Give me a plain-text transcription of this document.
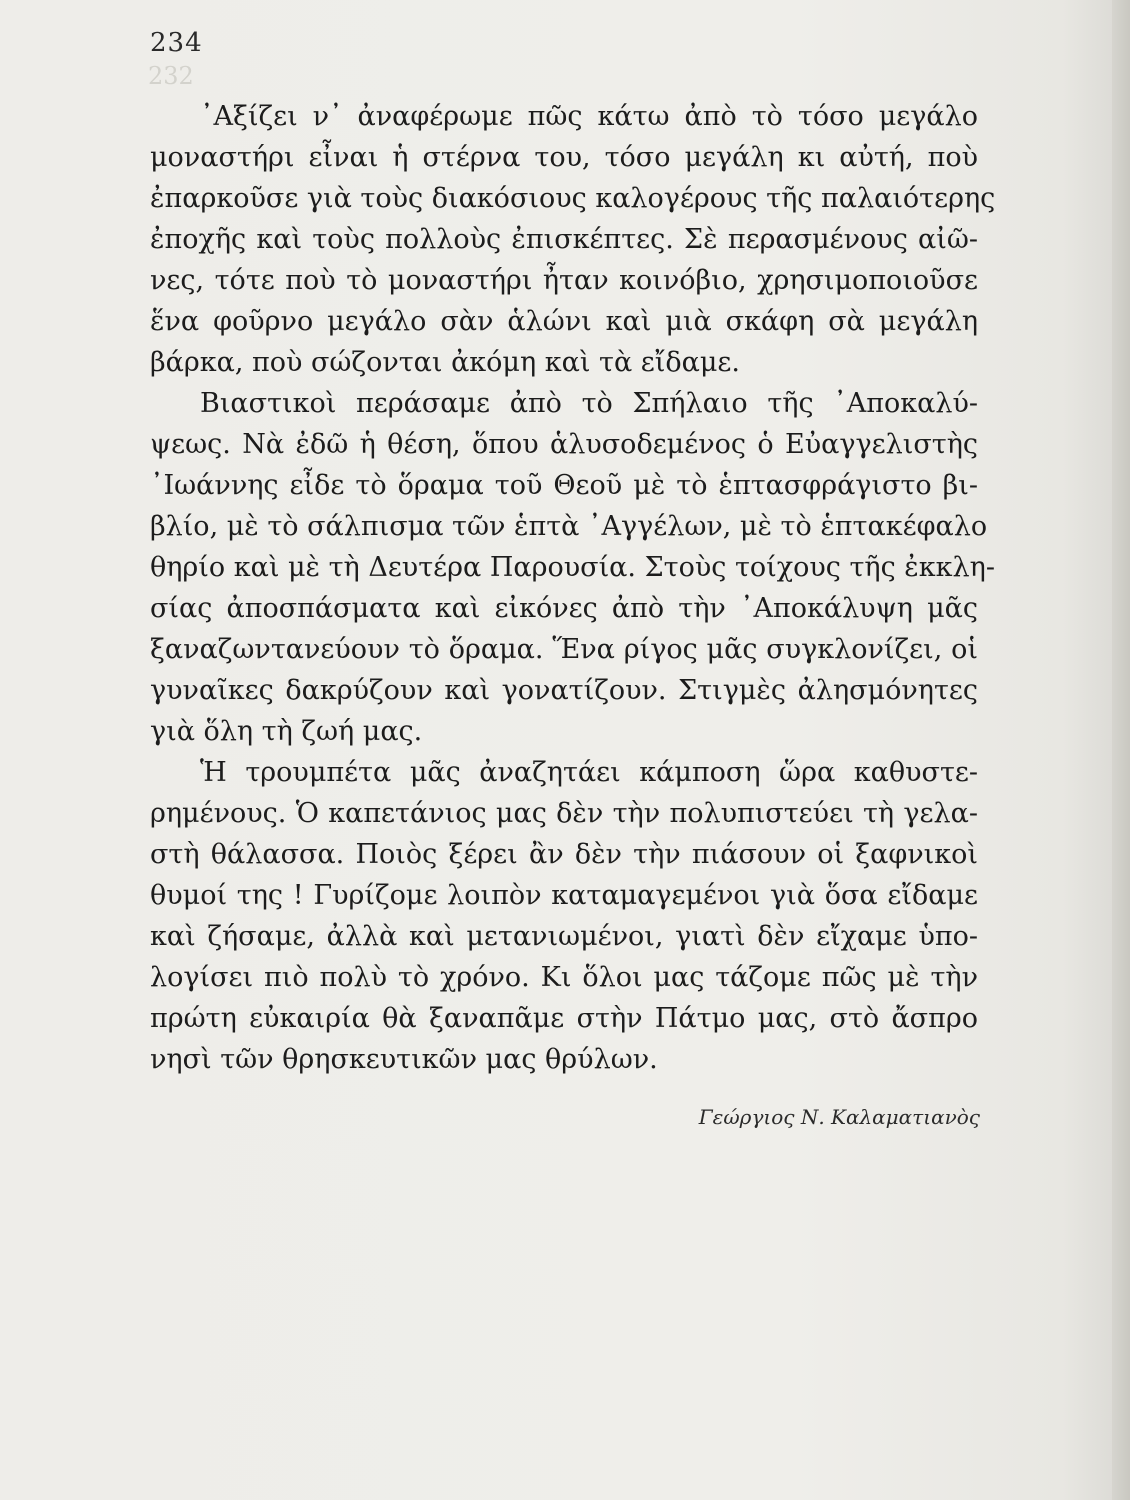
232
234
᾿Αξίζει ν᾿ ἀναφέρωμε πῶς κάτω ἀπὸ τὸ τόσο μεγάλο
μοναστήρι εἶναι ἡ στέρνα του, τόσο μεγάλη κι αὐτή, ποὺ
ἐπαρκοῦσε γιὰ τοὺς διακόσιους καλογέρους τῆς παλαιότερης
ἐποχῆς καὶ τοὺς πολλοὺς ἐπισκέπτες. Σὲ περασμένους αἰῶ-
νες, τότε ποὺ τὸ μοναστήρι ἦταν κοινόβιο, χρησιμοποιοῦσε
ἕνα φοῦρνο μεγάλο σὰν ἁλώνι καὶ μιὰ σκάφη σὰ μεγάλη
βάρκα, ποὺ σώζονται ἀκόμη καὶ τὰ εἴδαμε.
Βιαστικοὶ περάσαμε ἀπὸ τὸ Σπήλαιο τῆς ᾿Αποκαλύ-
ψεως. Νὰ ἐδῶ ἡ θέση, ὅπου ἁλυσοδεμένος ὁ Εὐαγγελιστὴς
᾿Ιωάννης εἶδε τὸ ὅραμα τοῦ Θεοῦ μὲ τὸ ἑπτασφράγιστο βι-
βλίο, μὲ τὸ σάλπισμα τῶν ἑπτὰ ᾿Αγγέλων, μὲ τὸ ἑπτακέφαλο
θηρίο καὶ μὲ τὴ Δευτέρα Παρουσία. Στοὺς τοίχους τῆς ἐκκλη-
σίας ἀποσπάσματα καὶ εἰκόνες ἀπὸ τὴν ᾿Αποκάλυψη μᾶς
ξαναζωντανεύουν τὸ ὅραμα. Ἕνα ρίγος μᾶς συγκλονίζει, οἱ
γυναῖκες δακρύζουν καὶ γονατίζουν. Στιγμὲς ἀλησμόνητες
γιὰ ὅλη τὴ ζωή μας.
Ἡ τρουμπέτα μᾶς ἀναζητάει κάμποση ὥρα καθυστε-
ρημένους. Ὁ καπετάνιος μας δὲν τὴν πολυπιστεύει τὴ γελα-
στὴ θάλασσα. Ποιὸς ξέρει ἂν δὲν τὴν πιάσουν οἱ ξαφνικοὶ
θυμοί της ! Γυρίζομε λοιπὸν καταμαγεμένοι γιὰ ὅσα εἴδαμε
καὶ ζήσαμε, ἀλλὰ καὶ μετανιωμένοι, γιατὶ δὲν εἴχαμε ὑπο-
λογίσει πιὸ πολὺ τὸ χρόνο. Κι ὅλοι μας τάζομε πῶς μὲ τὴν
πρώτη εὐκαιρία θὰ ξαναπᾶμε στὴν Πάτμο μας, στὸ ἄσπρο
νησὶ τῶν θρησκευτικῶν μας θρύλων.
Γεώργιος Ν. Καλαματιανὸς
